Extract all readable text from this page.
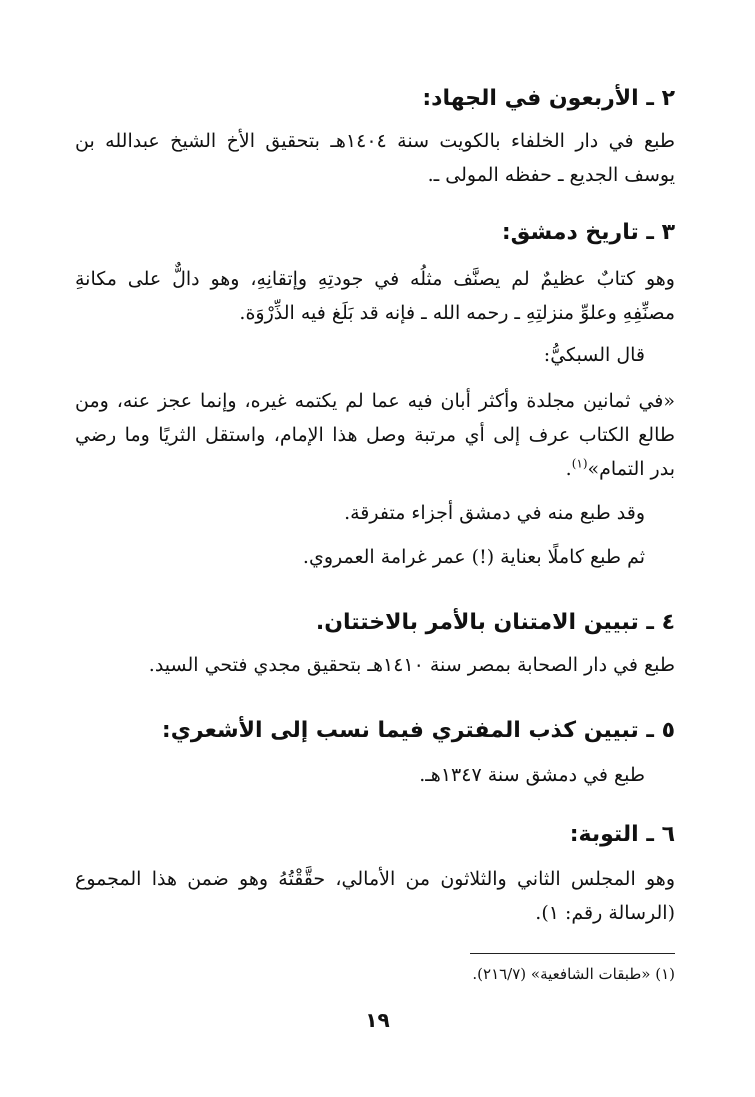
٢ ـ الأربعون في الجهاد:

طبع في دار الخلفاء بالكويت سنة ١٤٠٤هـ بتحقيق الأخ الشيخ عبدالله بن يوسف الجديع ـ حفظه المولى ـ.

٣ ـ تاريخ دمشق:

وهو كتابٌ عظيمٌ لم يصنَّف مثلُه في جودتِهِ وإتقانِهِ، وهو دالٌّ على مكانةِ مصنِّفِهِ وعلوِّ منزلتِهِ ـ رحمه الله ـ فإنه قد بَلَغ فيه الذِّرْوَة.

قال السبكيُّ:

«في ثمانين مجلدة وأكثر أبان فيه عما لم يكتمه غيره، وإنما عجز عنه، ومن طالع الكتاب عرف إلى أي مرتبة وصل هذا الإمام، واستقل الثريًا وما رضي بدر التمام»$^{(١)}$.

وقد طبع منه في دمشق أجزاء متفرقة.

ثم طبع كاملًا بعناية (!) عمر غرامة العمروي.

٤ ـ تبيين الامتنان بالأمر بالاختتان.

طبع في دار الصحابة بمصر سنة ١٤١٠هـ بتحقيق مجدي فتحي السيد.

٥ ـ تبيين كذب المفتري فيما نسب إلى الأشعري:

طبع في دمشق سنة ١٣٤٧هـ.

٦ ـ التوبة:

وهو المجلس الثاني والثلاثون من الأمالي، حقَّقْتُهُ وهو ضمن هذا المجموع (الرسالة رقم: ١).

(١) «طبقات الشافعية» (٢١٦/٧).

١٩
